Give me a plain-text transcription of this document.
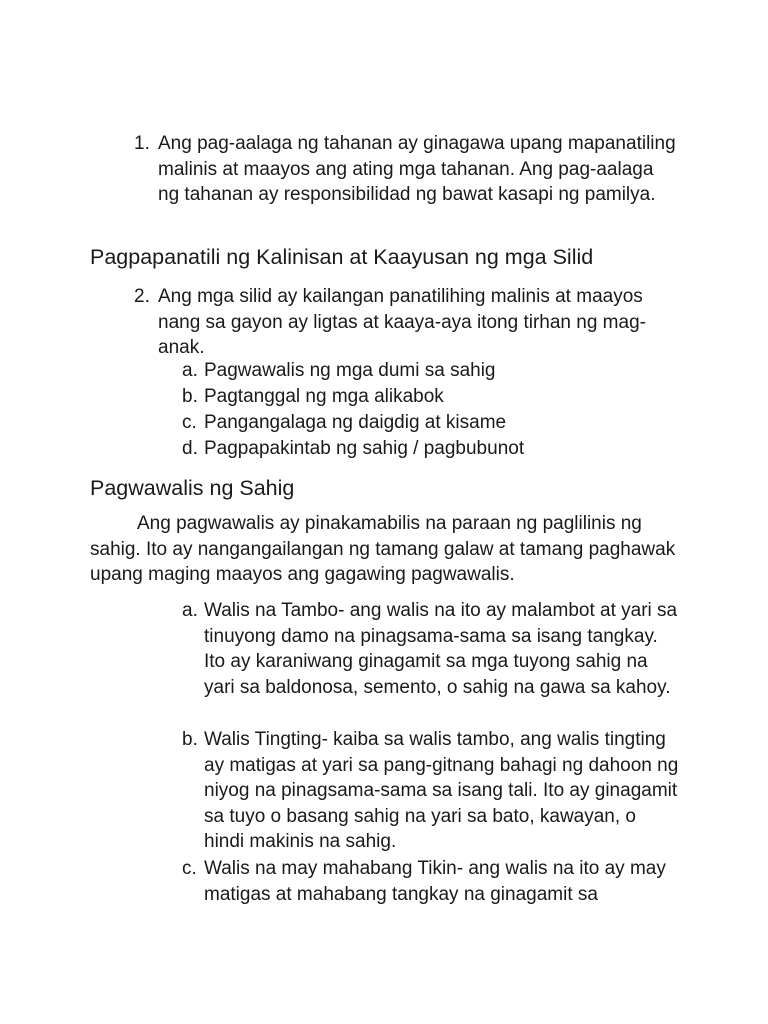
1. Ang pag-aalaga ng tahanan ay ginagawa upang mapanatiling malinis at maayos ang ating mga tahanan. Ang pag-aalaga ng tahanan ay responsibilidad ng bawat kasapi ng pamilya.
Pagpapanatili ng Kalinisan at Kaayusan ng mga Silid
2. Ang mga silid ay kailangan panatilihing malinis at maayos nang sa gayon ay ligtas at kaaya-aya itong tirhan ng mag-anak.
a. Pagwawalis ng mga dumi sa sahig
b. Pagtanggal ng mga alikabok
c. Pangangalaga ng daigdig at kisame
d. Pagpapakintab ng sahig / pagbubunot
Pagwawalis ng Sahig
Ang pagwawalis ay pinakamabilis na paraan ng paglilinis ng sahig. Ito ay nangangailangan ng tamang galaw at tamang paghawak upang maging maayos ang gagawing pagwawalis.
a. Walis na Tambo- ang walis na ito ay malambot at yari sa tinuyong damo na pinagsama-sama sa isang tangkay. Ito ay karaniwang ginagamit sa mga tuyong sahig na yari sa baldonosa, semento, o sahig na gawa sa kahoy.
b. Walis Tingting- kaiba sa walis tambo, ang walis tingting ay matigas at yari sa pang-gitnang bahagi ng dahoon ng niyog na pinagsama-sama sa isang tali. Ito ay ginagamit sa tuyo o basang sahig na yari sa bato, kawayan, o hindi makinis na sahig.
c. Walis na may mahabang Tikin- ang walis na ito ay may matigas at mahabang tangkay na ginagamit sa
